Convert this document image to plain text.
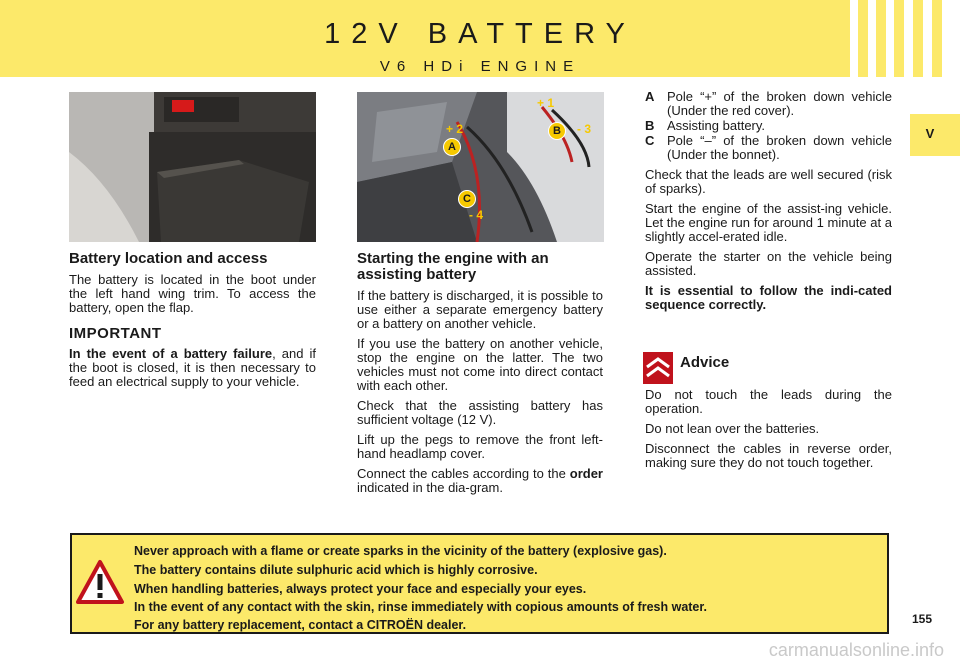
12V BATTERY
V6 HDi ENGINE
V
+ 1
+ 2	- 3
- 4
A
B
C
Battery location and access

The battery is located in the boot under the left hand wing trim. To access the battery, open the flap.

IMPORTANT

In the event of a battery failure, and if the boot is closed, it is then necessary to feed an electrical supply to your vehicle.

Starting the engine with an assisting battery

If the battery is discharged, it is possible to use either a separate emergency battery or a battery on another vehicle.

If you use the battery on another vehicle, stop the engine on the latter. The two vehicles must not come into direct contact with each other.

Check that the assisting battery has sufficient voltage (12 V).

Lift up the pegs to remove the front left-hand headlamp cover.

Connect the cables according to the order indicated in the dia-gram.

A Pole “+” of the broken down vehicle (Under the red cover).
B Assisting battery.
C Pole “–” of the broken down vehicle (Under the bonnet).

Check that the leads are well secured (risk of sparks).

Start the engine of the assist-ing vehicle. Let the engine run for around 1 minute at a slightly accel-erated idle.

Operate the starter on the vehicle being assisted.

It is essential to follow the indi-cated sequence correctly.

Advice

Do not touch the leads during the operation.

Do not lean over the batteries.

Disconnect the cables in reverse order, making sure they do not touch together.

Never approach with a flame or create sparks in the vicinity of the battery (explosive gas).
The battery contains dilute sulphuric acid which is highly corrosive.
When handling batteries, always protect your face and especially your eyes.
In the event of any contact with the skin, rinse immediately with copious amounts of fresh water.
For any battery replacement, contact a CITROËN dealer.	155
carmanualsonline.info
